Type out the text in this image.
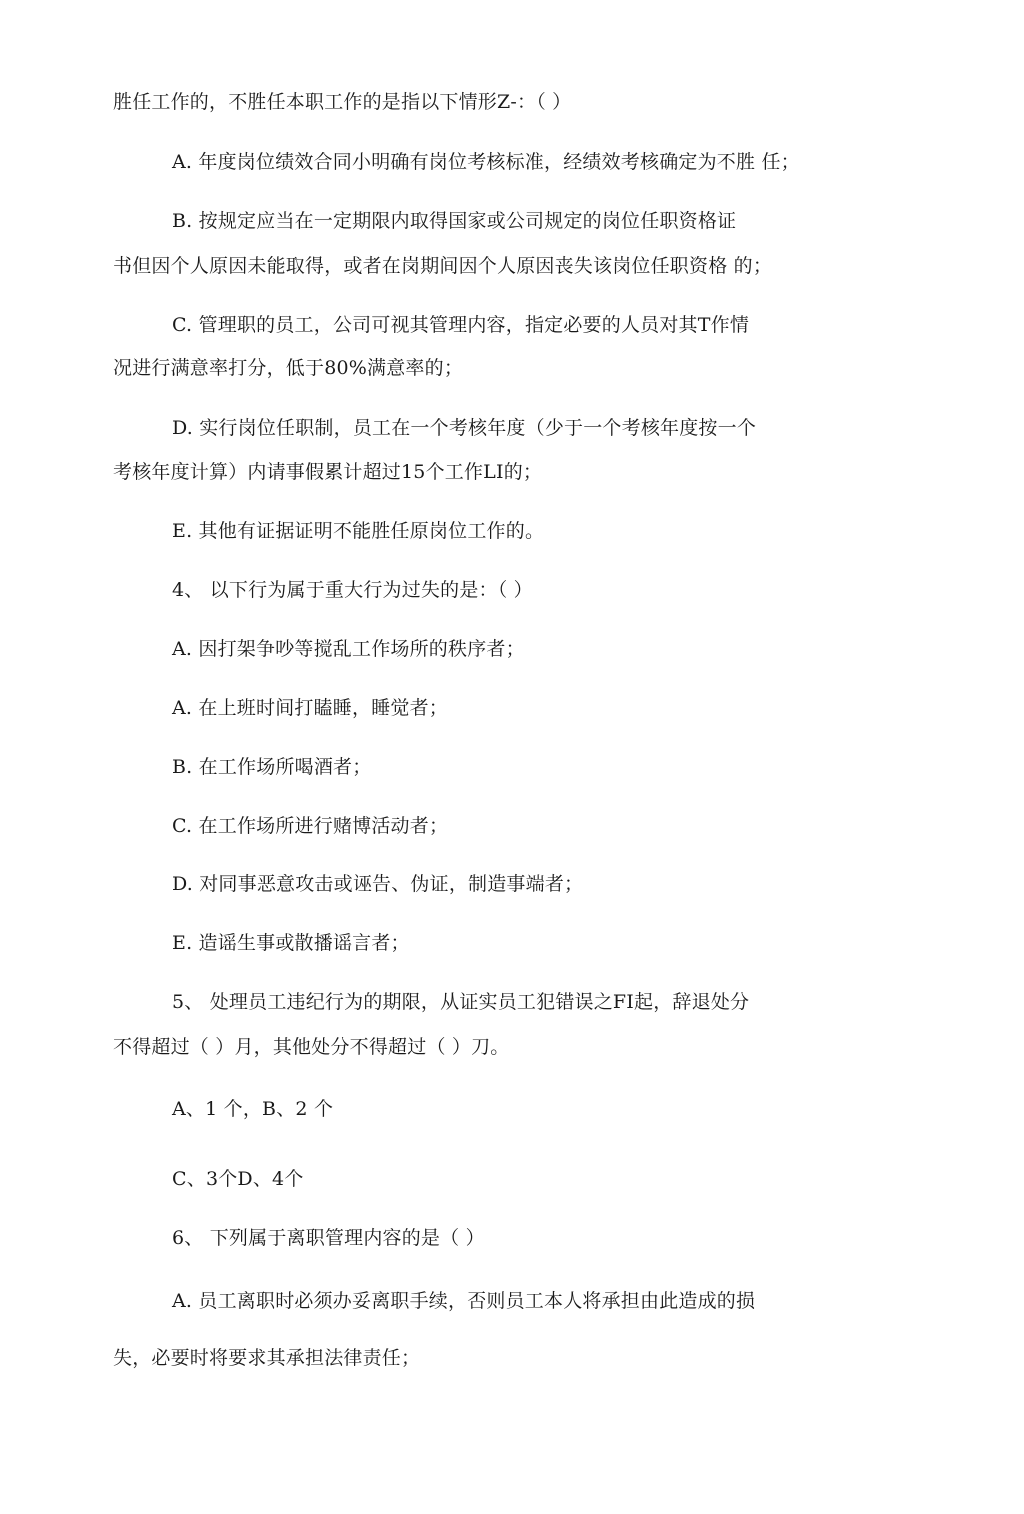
胜任工作的，不胜任本职工作的是指以下情形Z-：（ ）
A. 年度岗位绩效合同小明确有岗位考核标准，经绩效考核确定为不胜 任；
B. 按规定应当在一定期限内取得国家或公司规定的岗位任职资格证
书但因个人原因未能取得，或者在岗期间因个人原因丧失该岗位任职资格 的；
C. 管理职的员工，公司可视其管理内容，指定必要的人员对其T作情
况进行满意率打分，低于80%满意率的；
D. 实行岗位任职制，员工在一个考核年度（少于一个考核年度按一个
考核年度计算）内请事假累计超过15个工作LI的；
E. 其他有证据证明不能胜任原岗位工作的。
4、 以下行为属于重大行为过失的是：（ ）
A. 因打架争吵等搅乱工作场所的秩序者；
A. 在上班时间打瞌睡，睡觉者；
B. 在工作场所喝酒者；
C. 在工作场所进行赌博活动者；
D. 对同事恶意攻击或诬告、伪证，制造事端者；
E. 造谣生事或散播谣言者；
5、 处理员工违纪行为的期限，从证实员工犯错误之FI起，辞退处分
不得超过（ ）月，其他处分不得超过（ ）刀。
A、1 个，B、2 个
C、3个D、4个
6、 下列属于离职管理内容的是（ ）
A. 员工离职时必须办妥离职手续，否则员工本人将承担由此造成的损
失，必要时将要求其承担法律责任；
